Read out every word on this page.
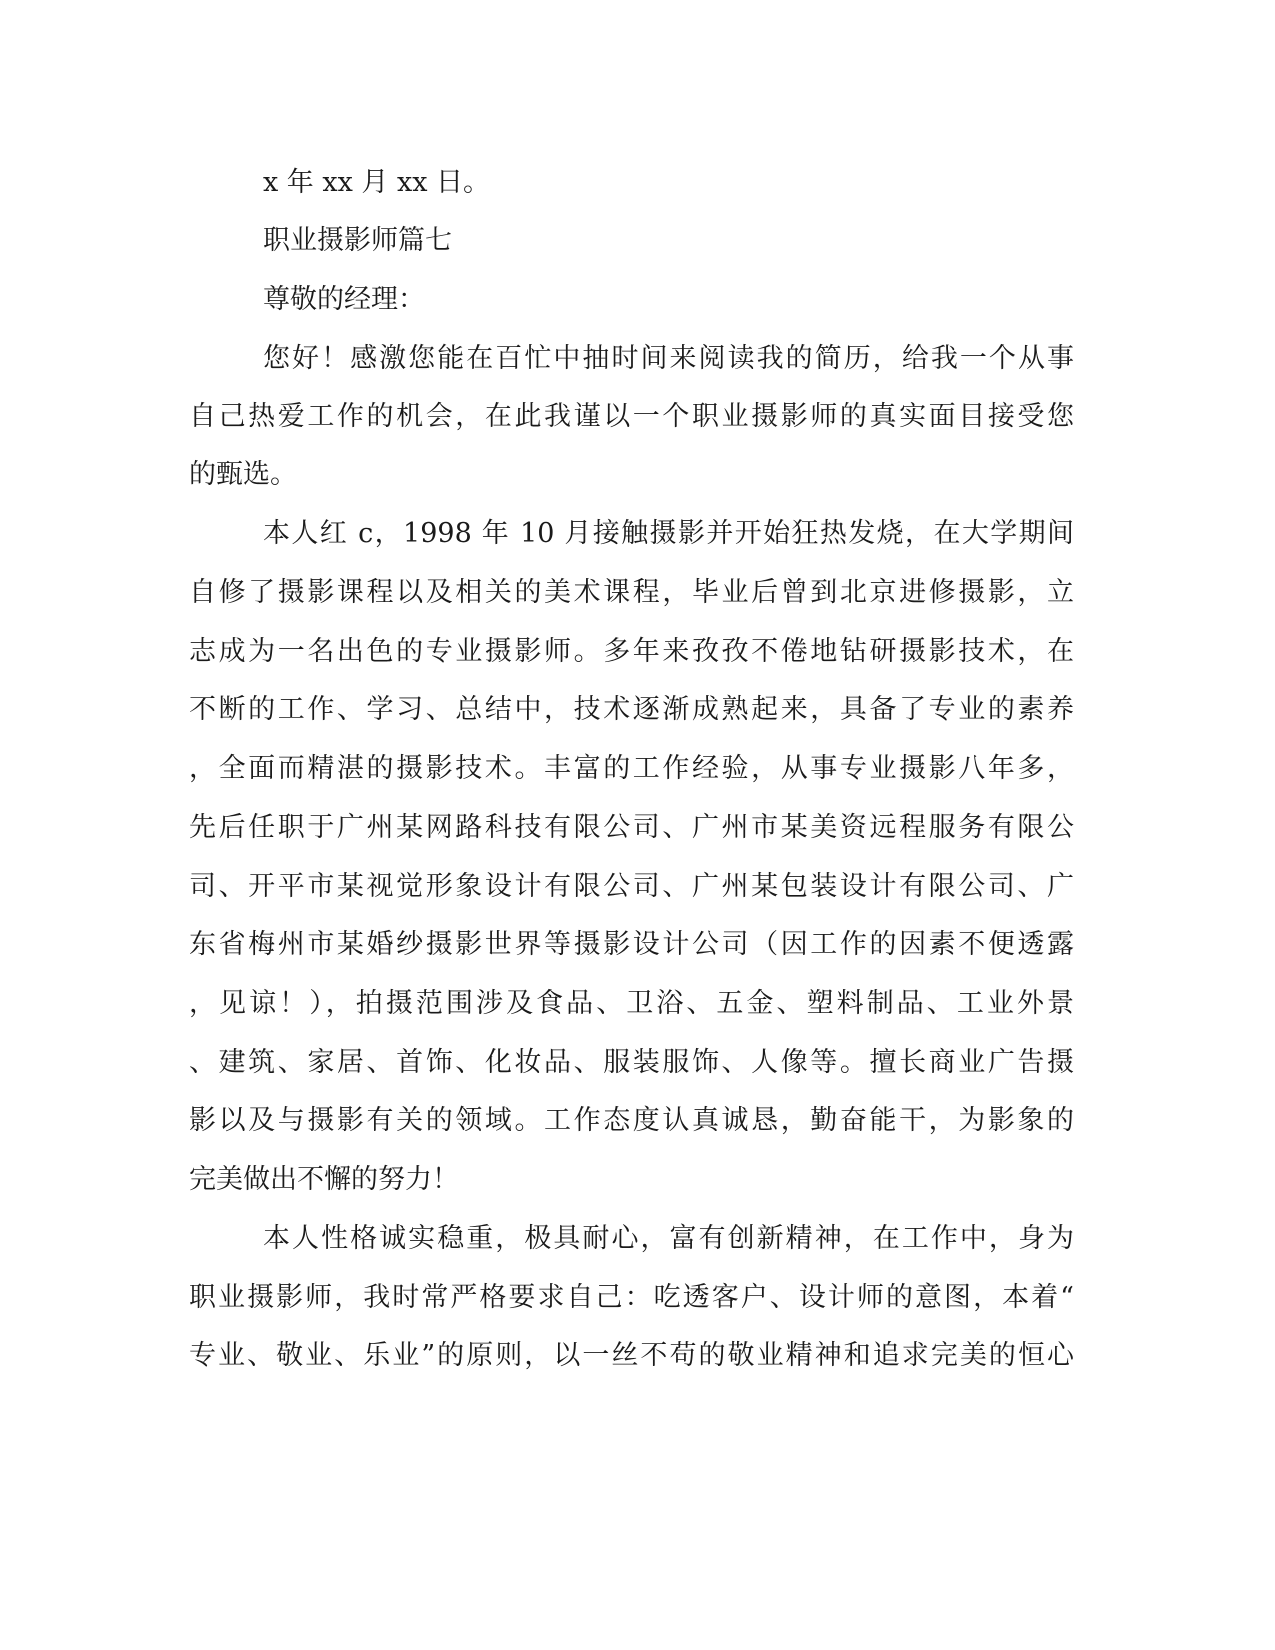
x 年 xx 月 xx 日。
职业摄影师篇七
尊敬的经理：
您好！感激您能在百忙中抽时间来阅读我的简历，给我一个从事
自己热爱工作的机会，在此我谨以一个职业摄影师的真实面目接受您
的甄选。
本人红 c，1998 年 10 月接触摄影并开始狂热发烧，在大学期间
自修了摄影课程以及相关的美术课程，毕业后曾到北京进修摄影，立
志成为一名出色的专业摄影师。多年来孜孜不倦地钻研摄影技术，在
不断的工作、学习、总结中，技术逐渐成熟起来，具备了专业的素养
，全面而精湛的摄影技术。丰富的工作经验，从事专业摄影八年多，
先后任职于广州某网路科技有限公司、广州市某美资远程服务有限公
司、开平市某视觉形象设计有限公司、广州某包装设计有限公司、广
东省梅州市某婚纱摄影世界等摄影设计公司（因工作的因素不便透露
，见谅！），拍摄范围涉及食品、卫浴、五金、塑料制品、工业外景
、建筑、家居、首饰、化妆品、服装服饰、人像等。擅长商业广告摄
影以及与摄影有关的领域。工作态度认真诚恳，勤奋能干，为影象的
完美做出不懈的努力！
本人性格诚实稳重，极具耐心，富有创新精神，在工作中，身为
职业摄影师，我时常严格要求自己：吃透客户、设计师的意图，本着“
专业、敬业、乐业”的原则，以一丝不苟的敬业精神和追求完美的恒心
